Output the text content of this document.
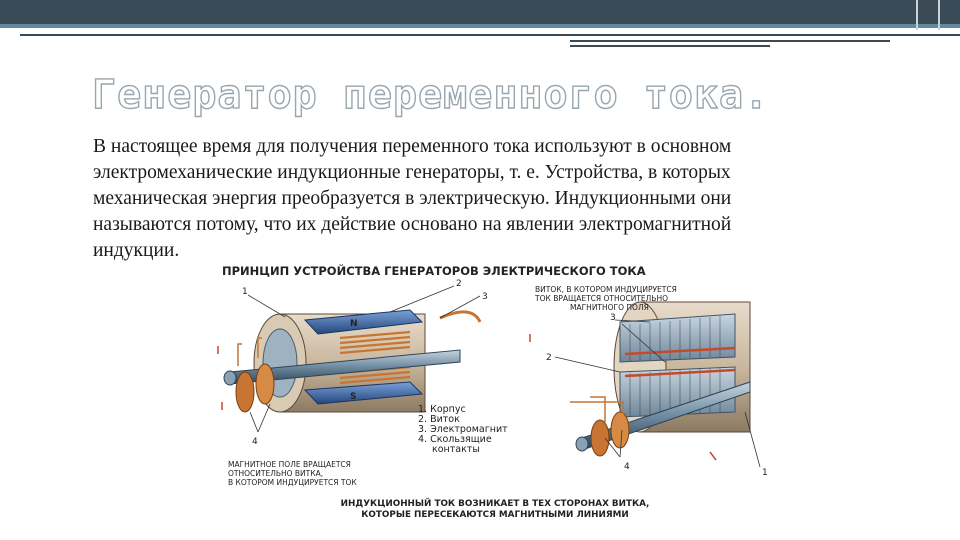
Генератор переменного тока.

В настоящее время для получения переменного тока используют в основном электромеханические индукционные генераторы, т. е. Устройства, в которых механическая энергия преобразуется в электрическую. Индукционными они называются потому, что их действие основано на явлении электромагнитной индукции.

ПРИНЦИП УСТРОЙСТВА ГЕНЕРАТОРОВ ЭЛЕКТРИЧЕСКОГО ТОКА
N
S
1
2
3
4
ВИТОК, В КОТОРОМ ИНДУЦИРУЕТСЯ
ТОК ВРАЩАЕТСЯ ОТНОСИТЕЛЬНО
МАГНИТНОГО ПОЛЯ
3
2
4
1
1. Корпус
2. Виток
3. Электромагнит
4. Скользящие
контакты
МАГНИТНОЕ ПОЛЕ ВРАЩАЕТСЯ
ОТНОСИТЕЛЬНО ВИТКА,
В КОТОРОМ ИНДУЦИРУЕТСЯ ТОК
ИНДУКЦИОННЫЙ ТОК ВОЗНИКАЕТ В ТЕХ СТОРОНАХ ВИТКА,
КОТОРЫЕ ПЕРЕСЕКАЮТСЯ МАГНИТНЫМИ ЛИНИЯМИ
